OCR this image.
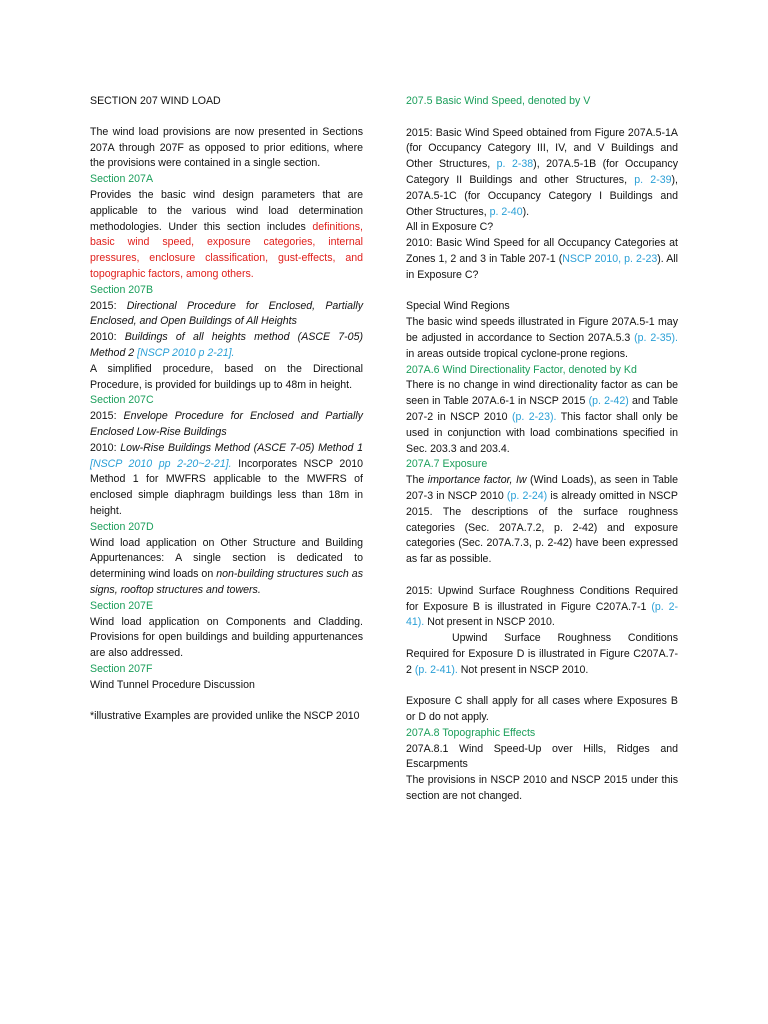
SECTION 207 WIND LOAD

The wind load provisions are now presented in Sections 207A through 207F as opposed to prior editions, where the provisions were contained in a single section.

Section 207A

Provides the basic wind design parameters that are applicable to the various wind load determination methodologies. Under this section includes definitions, basic wind speed, exposure categories, internal pressures, enclosure classification, gust-effects, and topographic factors, among others.

Section 207B

2015: Directional Procedure for Enclosed, Partially Enclosed, and Open Buildings of All Heights

2010: Buildings of all heights method (ASCE 7-05) Method 2 [NSCP 2010 p 2-21].

A simplified procedure, based on the Directional Procedure, is provided for buildings up to 48m in height.

Section 207C

2015: Envelope Procedure for Enclosed and Partially Enclosed Low-Rise Buildings

2010: Low-Rise Buildings Method (ASCE 7-05) Method 1 [NSCP 2010 pp 2-20~2-21]. Incorporates NSCP 2010 Method 1 for MWFRS applicable to the MWFRS of enclosed simple diaphragm buildings less than 18m in height.

Section 207D

Wind load application on Other Structure and Building Appurtenances: A single section is dedicated to determining wind loads on non-building structures such as signs, rooftop structures and towers.

Section 207E

Wind load application on Components and Cladding. Provisions for open buildings and building appurtenances are also addressed.

Section 207F

Wind Tunnel Procedure Discussion

*illustrative Examples are provided unlike the NSCP 2010

207.5 Basic Wind Speed, denoted by V

2015: Basic Wind Speed obtained from Figure 207A.5-1A (for Occupancy Category III, IV, and V Buildings and Other Structures, p. 2-38), 207A.5-1B (for Occupancy Category II Buildings and other Structures, p. 2-39), 207A.5-1C (for Occupancy Category I Buildings and Other Structures, p. 2-40).

All in Exposure C?

2010: Basic Wind Speed for all Occupancy Categories at Zones 1, 2 and 3 in Table 207-1 (NSCP 2010, p. 2-23). All in Exposure C?

Special Wind Regions

The basic wind speeds illustrated in Figure 207A.5-1 may be adjusted in accordance to Section 207A.5.3 (p. 2-35). in areas outside tropical cyclone-prone regions.

207A.6 Wind Directionality Factor, denoted by Kd

There is no change in wind directionality factor as can be seen in Table 207A.6-1 in NSCP 2015 (p. 2-42) and Table 207-2 in NSCP 2010 (p. 2-23). This factor shall only be used in conjunction with load combinations specified in Sec. 203.3 and 203.4.

207A.7 Exposure

The importance factor, Iw (Wind Loads), as seen in Table 207-3 in NSCP 2010 (p. 2-24) is already omitted in NSCP 2015. The descriptions of the surface roughness categories (Sec. 207A.7.2, p. 2-42) and exposure categories (Sec. 207A.7.3, p. 2-42) have been expressed as far as possible.

2015: Upwind Surface Roughness Conditions Required for Exposure B is illustrated in Figure C207A.7-1 (p. 2-41). Not present in NSCP 2010.

Upwind Surface Roughness Conditions Required for Exposure D is illustrated in Figure C207A.7-2 (p. 2-41). Not present in NSCP 2010.

Exposure C shall apply for all cases where Exposures B or D do not apply.

207A.8 Topographic Effects

207A.8.1 Wind Speed-Up over Hills, Ridges and Escarpments

The provisions in NSCP 2010 and NSCP 2015 under this section are not changed.
